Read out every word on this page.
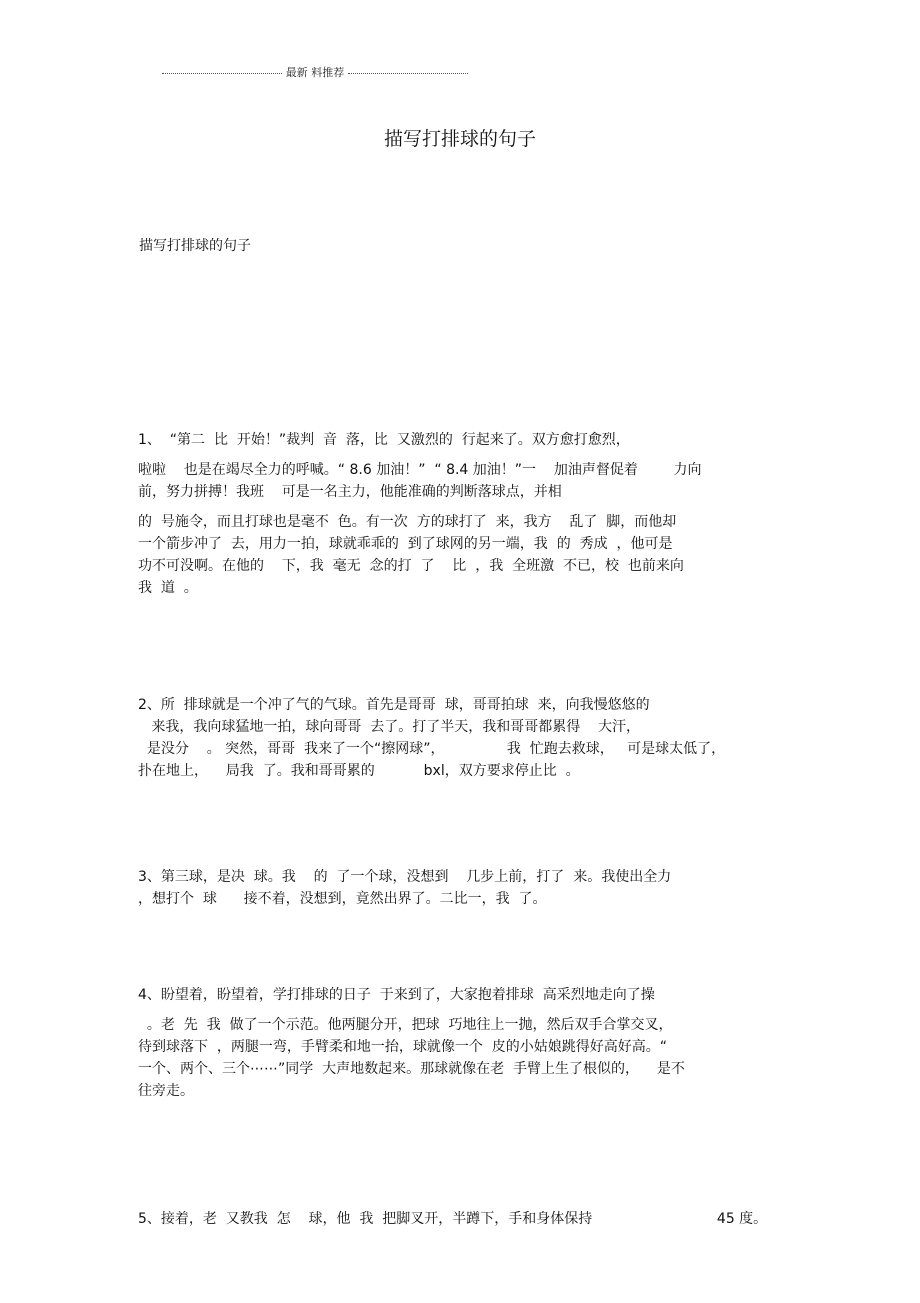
最新 料推荐
描写打排球的句子
描写打排球的句子
1、  “第二  比  开始！”裁判  音  落，比  又激烈的  行起来了。双方愈打愈烈，
啦啦    也是在竭尽全力的呼喊。“ 8.6 加油！”  “ 8.4 加油！”一    加油声督促着        力向
前，努力拼搏！我班    可是一名主力，他能准确的判断落球点，并相
的  号施令，而且打球也是毫不  色。有一次  方的球打了  来，我方    乱了  脚，而他却
一个箭步冲了  去，用力一拍，球就乖乖的  到了球网的另一端，我  的  秀成  ，他可是
功不可没啊。在他的    下，我  毫无  念的打  了    比  ，我  全班激  不已，校  也前来向
我  道  。
2、所  排球就是一个冲了气的气球。首先是哥哥  球，哥哥拍球  来，向我慢悠悠的
来我，我向球猛地一拍，球向哥哥  去了。打了半天，我和哥哥都累得    大汗，
是没分    。 突然，哥哥  我来了一个“擦网球”，              我  忙跑去救球，   可是球太低了，
扑在地上，    局我  了。我和哥哥累的           bxl，双方要求停止比  。
3、第三球，是决  球。我    的  了一个球，没想到    几步上前，打了  来。我使出全力
，想打个  球      接不着，没想到，竟然出界了。二比一，我  了。
4、盼望着，盼望着，学打排球的日子  于来到了，大家抱着排球  高采烈地走向了操
。老  先  我  做了一个示范。他两腿分开，把球  巧地往上一抛，然后双手合掌交叉，
待到球落下  ，两腿一弯，手臂柔和地一抬，球就像一个  皮的小姑娘跳得好高好高。“
一个、两个、三个⋯⋯”同学  大声地数起来。那球就像在老  手臂上生了根似的，    是不
往旁走。
5、接着，老  又教我  怎    球，他  我  把脚叉开，半蹲下，手和身体保持                            45 度。
